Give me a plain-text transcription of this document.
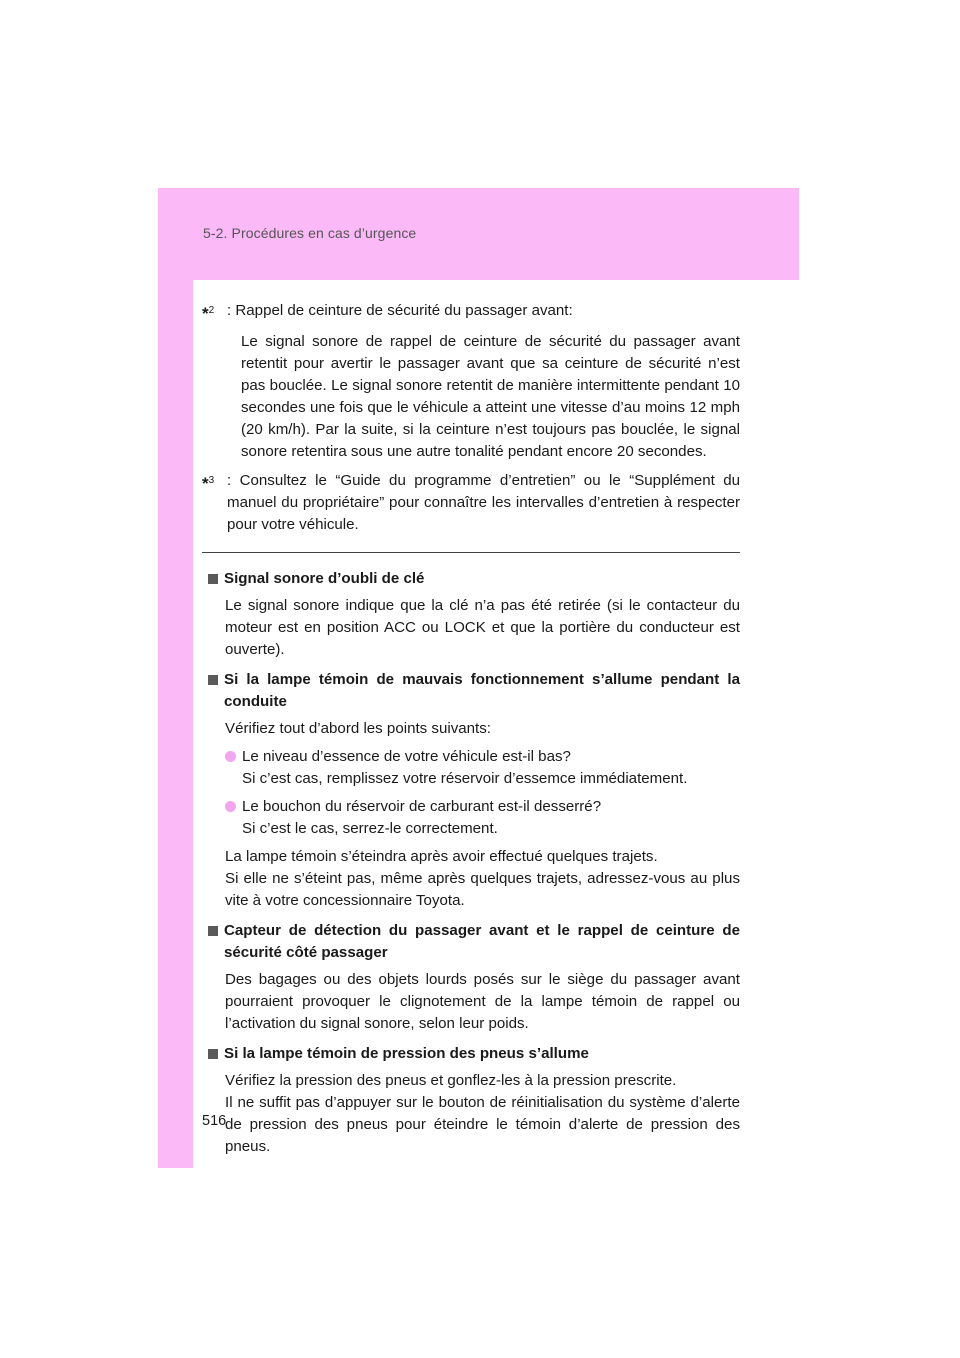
5-2. Procédures en cas d’urgence
*$^2$ : Rappel de ceinture de sécurité du passager avant:
Le signal sonore de rappel de ceinture de sécurité du passager avant retentit pour avertir le passager avant que sa ceinture de sécurité n’est pas bouclée. Le signal sonore retentit de manière intermittente pendant 10 secondes une fois que le véhicule a atteint une vitesse d’au moins 12 mph (20 km/h). Par la suite, si la ceinture n’est toujours pas bouclée, le signal sonore retentira sous une autre tonalité pendant encore 20 secondes.
*$^3$ : Consultez le “Guide du programme d’entretien” ou le “Supplément du manuel du propriétaire” pour connaître les intervalles d’entretien à respecter pour votre véhicule.
Signal sonore d’oubli de clé
Le signal sonore indique que la clé n’a pas été retirée (si le contacteur du moteur est en position ACC ou LOCK et que la portière du conducteur est ouverte).
Si la lampe témoin de mauvais fonctionnement s’allume pendant la conduite
Vérifiez tout d’abord les points suivants:
Le niveau d’essence de votre véhicule est-il bas?
Si c’est cas, remplissez votre réservoir d’essemce immédiatement.
Le bouchon du réservoir de carburant est-il desserré?
Si c’est le cas, serrez-le correctement.
La lampe témoin s’éteindra après avoir effectué quelques trajets.
Si elle ne s’éteint pas, même après quelques trajets, adressez-vous au plus vite à votre concessionnaire Toyota.
Capteur de détection du passager avant et le rappel de ceinture de sécurité côté passager
Des bagages ou des objets lourds posés sur le siège du passager avant pourraient provoquer le clignotement de la lampe témoin de rappel ou l’activation du signal sonore, selon leur poids.
Si la lampe témoin de pression des pneus s’allume
Vérifiez la pression des pneus et gonflez-les à la pression prescrite.
Il ne suffit pas d’appuyer sur le bouton de réinitialisation du système d’alerte de pression des pneus pour éteindre le témoin d’alerte de pression des pneus.
516
